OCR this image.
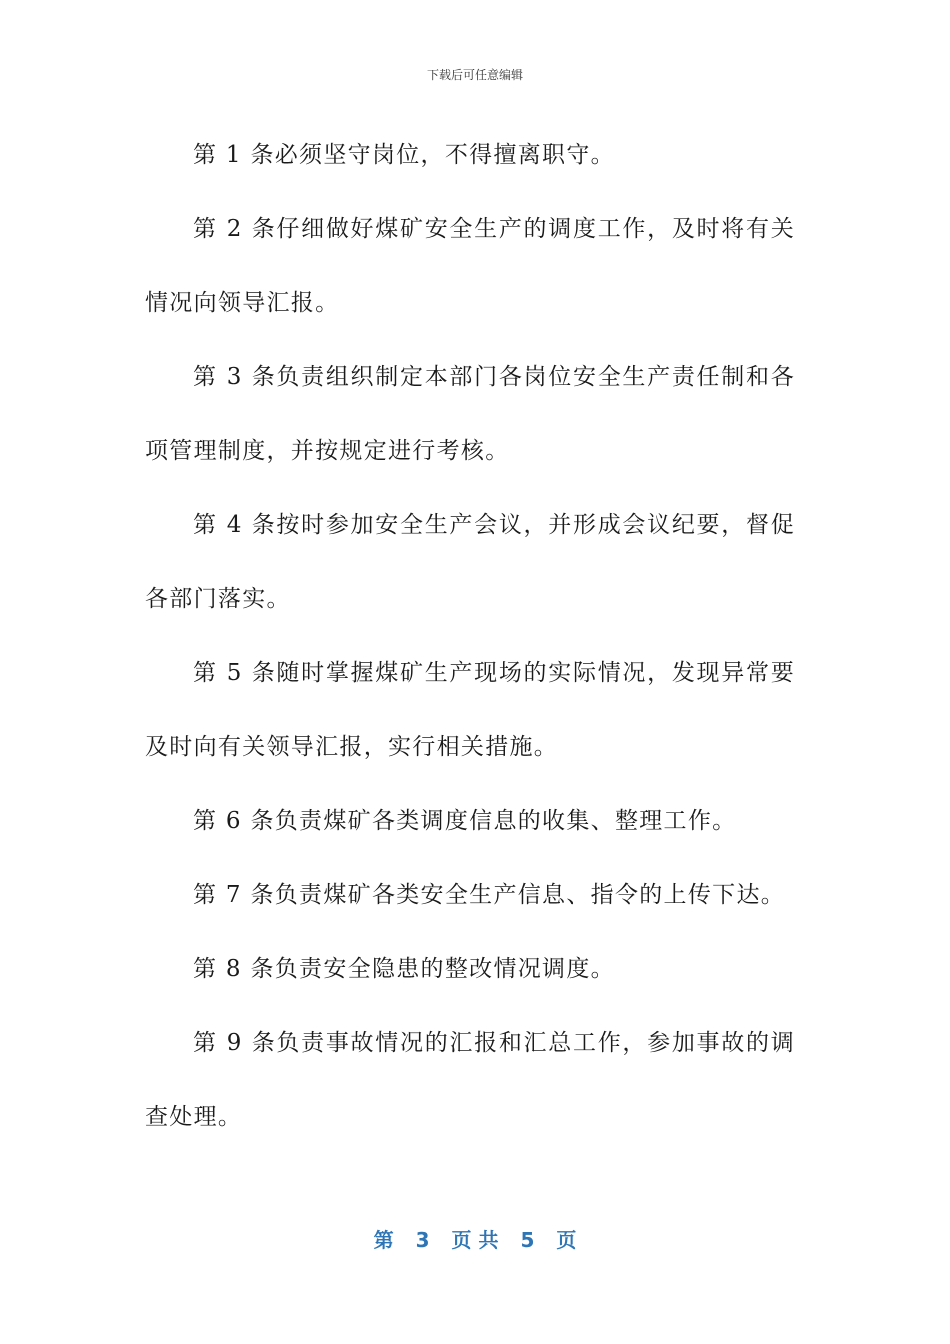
下载后可任意编辑

第 1 条必须坚守岗位，不得擅离职守。

第 2 条仔细做好煤矿安全生产的调度工作，及时将有关情况向领导汇报。

第 3 条负责组织制定本部门各岗位安全生产责任制和各项管理制度，并按规定进行考核。

第 4 条按时参加安全生产会议，并形成会议纪要，督促各部门落实。

第 5 条随时掌握煤矿生产现场的实际情况，发现异常要及时向有关领导汇报，实行相关措施。

第 6 条负责煤矿各类调度信息的收集、整理工作。

第 7 条负责煤矿各类安全生产信息、指令的上传下达。

第 8 条负责安全隐患的整改情况调度。

第 9 条负责事故情况的汇报和汇总工作，参加事故的调查处理。

第 3 页 共 5 页
